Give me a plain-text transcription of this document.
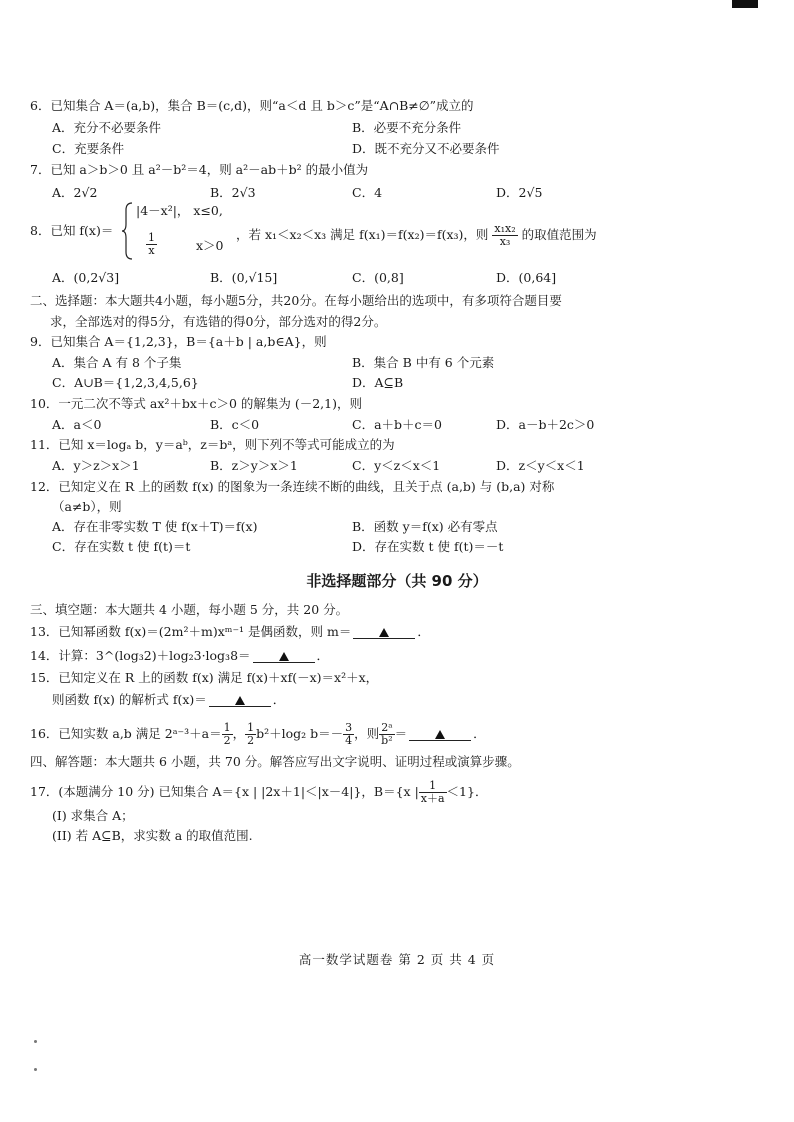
6．已知集合 A＝(a,b)，集合 B＝(c,d)，则“a＜d 且 b＞c”是“A∩B≠∅”成立的
A．充分不必要条件	B．必要不充分条件
C．充要条件	D．既不充分又不必要条件
7．已知 a＞b＞0 且 a²－b²＝4，则 a²－ab＋b² 的最小值为
A．2√2	B．2√3	C．4	D．2√5
8．已知 f(x)＝
|4－x²|， x≤0,
$\frac{1}{x}$	x＞0
，若 x₁＜x₂＜x₃ 满足 f(x₁)＝f(x₂)＝f(x₃)，则 $\frac{\text{x₁x₂}}{\text{x₃}}$ 的取值范围为
A．(0,2√3]	B．(0,√15]	C．(0,8]	D．(0,64]
二、选择题：本大题共4小题，每小题5分，共20分。在每小题给出的选项中，有多项符合题目要
求，全部选对的得5分，有选错的得0分，部分选对的得2分。
9．已知集合 A＝{1,2,3}，B＝{a＋b | a,b∈A}，则
A．集合 A 有 8 个子集	B．集合 B 中有 6 个元素
C．A∪B＝{1,2,3,4,5,6}	D．A⊆B
10．一元二次不等式 ax²＋bx＋c＞0 的解集为 (－2,1)，则
A．a＜0	B．c＜0	C．a＋b＋c＝0	D．a－b＋2c＞0
11．已知 x＝logₐ b，y＝aᵇ，z＝bᵃ，则下列不等式可能成立的为
A．y＞z＞x＞1	B．z＞y＞x＞1	C．y＜z＜x＜1	D．z＜y＜x＜1
12．已知定义在 R 上的函数 f(x) 的图象为一条连续不断的曲线，且关于点 (a,b) 与 (b,a) 对称
（a≠b），则
A．存在非零实数 T 使 f(x＋T)＝f(x)	B．函数 y＝f(x) 必有零点
C．存在实数 t 使 f(t)＝t	D．存在实数 t 使 f(t)＝－t
非选择题部分（共 90 分）
三、填空题：本大题共 4 小题，每小题 5 分，共 20 分。
13．已知幂函数 f(x)＝(2m²＋m)xᵐ⁻¹ 是偶函数，则 m＝	．
14．计算：3^(log₃2)＋log₂3·log₃8＝	．
15．已知定义在 R 上的函数 f(x) 满足 f(x)＋xf(－x)＝x²＋x，
则函数 f(x) 的解析式 f(x)＝	．
16．已知实数 a,b 满足 2ᵃ⁻³＋a＝ $\frac{1}{2}$ ， $\frac{1}{2} b^2+\log_2$ $b=- \frac{3}{4}$ ，则 $\frac{\text{2ᵃ}}{\text{b²}}$ ＝	．
四、解答题：本大题共 6 小题，共 70 分。解答应写出文字说明、证明过程或演算步骤。
17．(本题满分 10 分) 已知集合 A＝{x | |2x＋1|＜|x－4|}，B＝{x | $\frac{1}{x+a} <1$}．
(I) 求集合 A；
(II) 若 A⊆B，求实数 a 的取值范围.
高一数学试题卷 第 2 页 共 4 页
